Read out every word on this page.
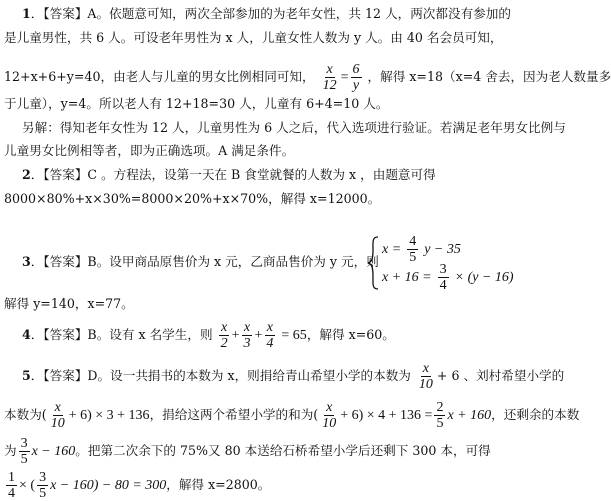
1．【答案】A。依题意可知，两次全部参加的为老年女性，共 12 人，两次都没有参加的
是儿童男性，共 6 人。可设老年男性为 x 人，儿童女性人数为 y 人。由 40 名会员可知，
12+x+6+y=40，由老人与儿童的男女比例相同可知， $\frac{x}{12} = \frac{6}{y}$ ，解得 x=18（x=4 舍去，因为老人数量多
于儿童），y=4。所以老人有 12+18=30 人，儿童有 6+4=10 人。
另解：得知老年女性为 12 人，儿童男性为 6 人之后，代入选项进行验证。若满足老年男女比例与
儿童男女比例相等者，即为正确选项。A 满足条件。
2．【答案】C 。方程法，设第一天在 B 食堂就餐的人数为 x ，由题意可得
8000×80%+x×30%=8000×20%+x×70%，解得 x=12000。
3．【答案】B。设甲商品原售价为 x 元，乙商品售价为 y 元，则
$x = \frac{4}{5}$ y − 35
$x + 16 = \frac{3}{4} \times (y - 16)$
解得 y=140，x=77。
4．【答案】B。设有 x 名学生，则 $\frac{x}{2} + \frac{x}{3} + \frac{x}{4} = 65$，解得 x=60。
5．【答案】D。设一共捐书的本数为 x，则捐给青山希望小学的本数为 $\frac{x}{10} + 6$ 、刘村希望小学的
本数为( $\frac{x}{10} + 6) \times 3 + 136$，捐给这两个希望小学的和为( $\frac{x}{10} + 6) \times 4 + 136 = \frac{2}{5}$ x + 160，还剩余的本数
为 $\frac{3}{5}$ x − 160。把第二次余下的 75%又 80 本送给石桥希望小学后还剩下 300 本，可得
$\frac{1}{4}$ × ( $\frac{3}{5}$ x − 160) − 80 = 300，解得 x=2800。
